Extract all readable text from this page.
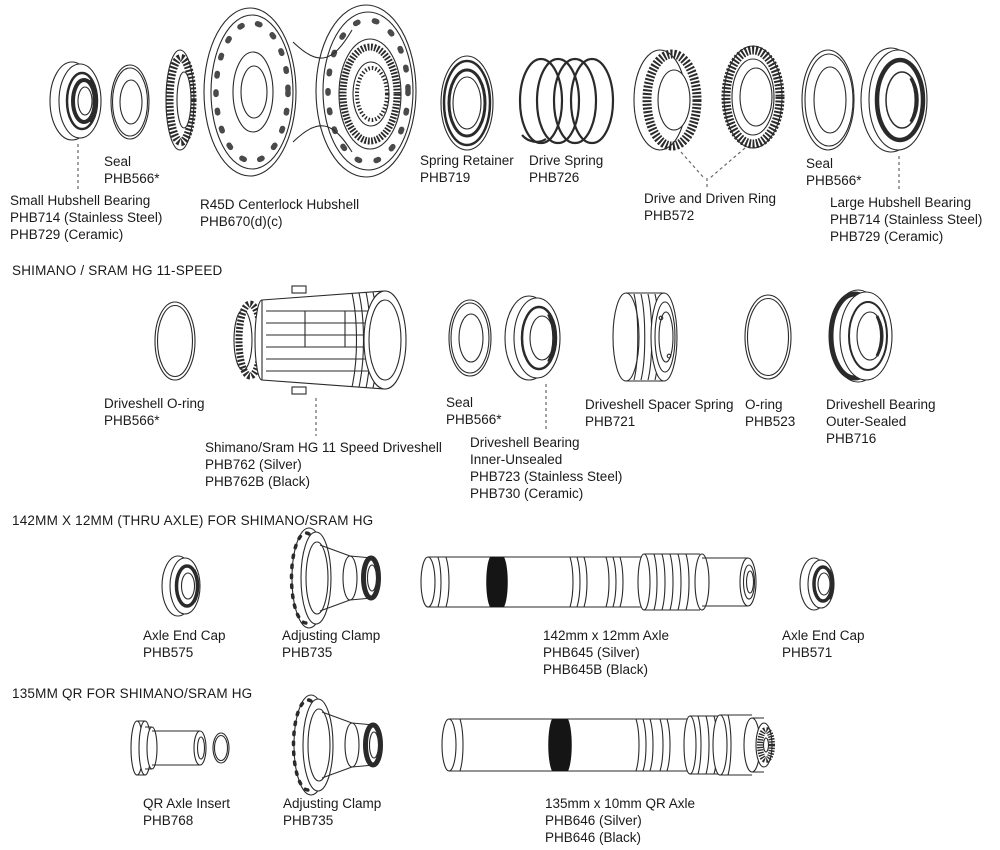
Seal
PHB566*
Small Hubshell Bearing
PHB714 (Stainless Steel)
PHB729 (Ceramic)
R45D Centerlock Hubshell
PHB670(d)(c)
Spring Retainer
PHB719
Drive Spring
PHB726
Drive and Driven Ring
PHB572
Seal
PHB566*
Large Hubshell Bearing
PHB714 (Stainless Steel)
PHB729 (Ceramic)
SHIMANO / SRAM HG 11-SPEED
Driveshell O-ring
PHB566*
Shimano/Sram HG 11 Speed Driveshell
PHB762 (Silver)
PHB762B (Black)
Seal
PHB566*
Driveshell Bearing
Inner-Unsealed
PHB723 (Stainless Steel)
PHB730 (Ceramic)
Driveshell Spacer Spring
PHB721
O-ring
PHB523
Driveshell Bearing
Outer-Sealed
PHB716
142MM X 12MM (THRU AXLE) FOR SHIMANO/SRAM HG
Axle End Cap
PHB575
Adjusting Clamp
PHB735
142mm x 12mm Axle
PHB645 (Silver)
PHB645B (Black)
Axle End Cap
PHB571
135MM QR FOR SHIMANO/SRAM HG
QR Axle Insert
PHB768
Adjusting Clamp
PHB735
135mm x 10mm QR Axle
PHB646 (Silver)
PHB646 (Black)
